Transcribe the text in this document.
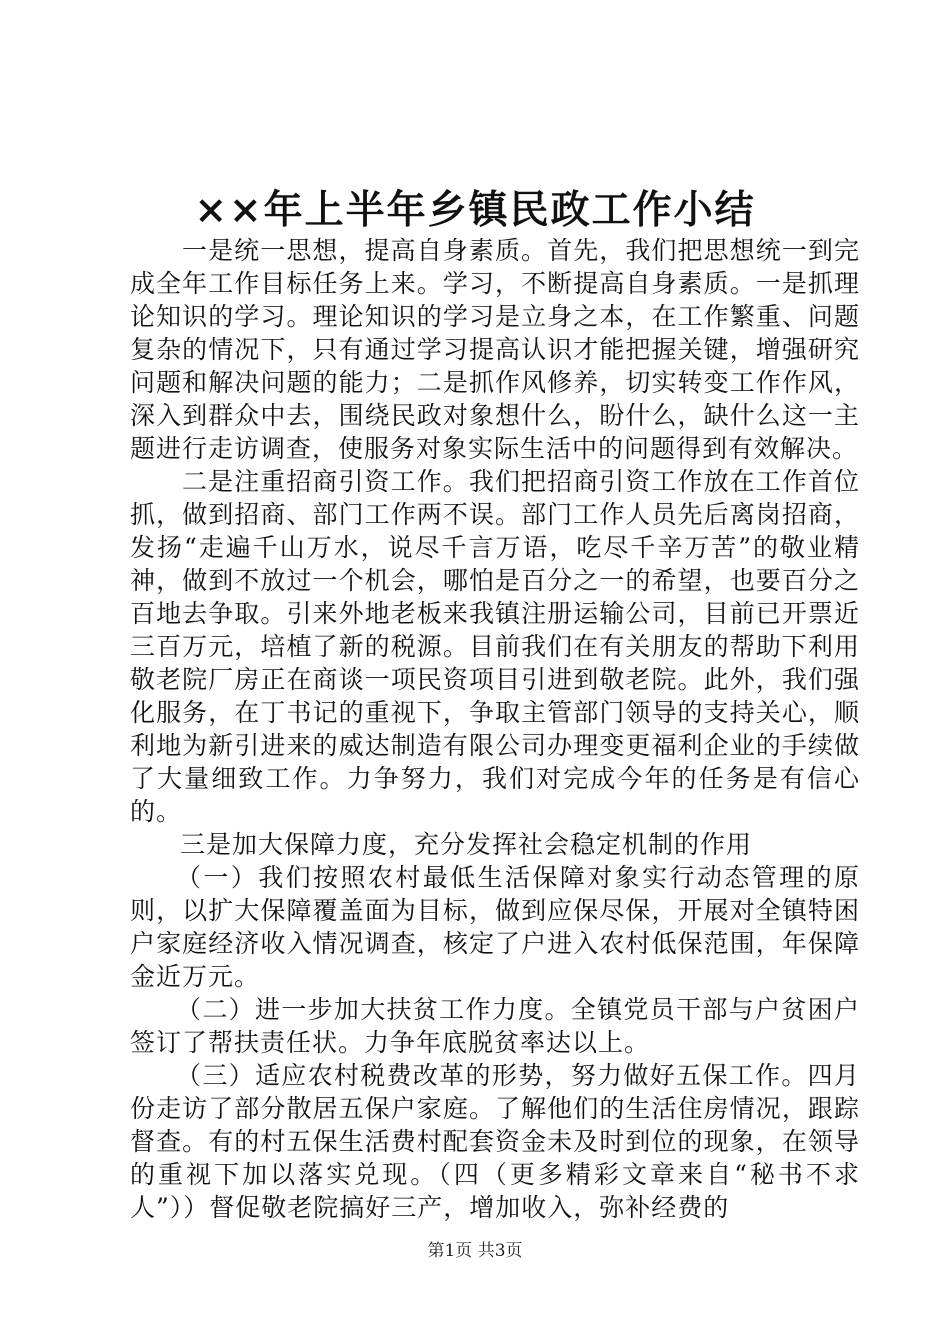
××年上半年乡镇民政工作小结

一是统一思想，提高自身素质。首先，我们把思想统一到完成全年工作目标任务上来。学习，不断提高自身素质。一是抓理论知识的学习。理论知识的学习是立身之本，在工作繁重、问题复杂的情况下，只有通过学习提高认识才能把握关键，增强研究问题和解决问题的能力；二是抓作风修养，切实转变工作作风，深入到群众中去，围绕民政对象想什么，盼什么，缺什么这一主题进行走访调查，使服务对象实际生活中的问题得到有效解决。

二是注重招商引资工作。我们把招商引资工作放在工作首位抓，做到招商、部门工作两不误。部门工作人员先后离岗招商，发扬“走遍千山万水，说尽千言万语，吃尽千辛万苦”的敬业精神，做到不放过一个机会，哪怕是百分之一的希望，也要百分之百地去争取。引来外地老板来我镇注册运输公司，目前已开票近三百万元，培植了新的税源。目前我们在有关朋友的帮助下利用敬老院厂房正在商谈一项民资项目引进到敬老院。此外，我们强化服务，在丁书记的重视下，争取主管部门领导的支持关心，顺利地为新引进来的威达制造有限公司办理变更福利企业的手续做了大量细致工作。力争努力，我们对完成今年的任务是有信心的。

三是加大保障力度，充分发挥社会稳定机制的作用

（一）我们按照农村最低生活保障对象实行动态管理的原则，以扩大保障覆盖面为目标，做到应保尽保，开展对全镇特困户家庭经济收入情况调查，核定了户进入农村低保范围，年保障金近万元。

（二）进一步加大扶贫工作力度。全镇党员干部与户贫困户签订了帮扶责任状。力争年底脱贫率达以上。

（三）适应农村税费改革的形势，努力做好五保工作。四月份走访了部分散居五保户家庭。了解他们的生活住房情况，跟踪督查。有的村五保生活费村配套资金未及时到位的现象，在领导的重视下加以落实兑现。（四（更多精彩文章来自“秘书不求人”））督促敬老院搞好三产，增加收入，弥补经费的

第1页 共3页
